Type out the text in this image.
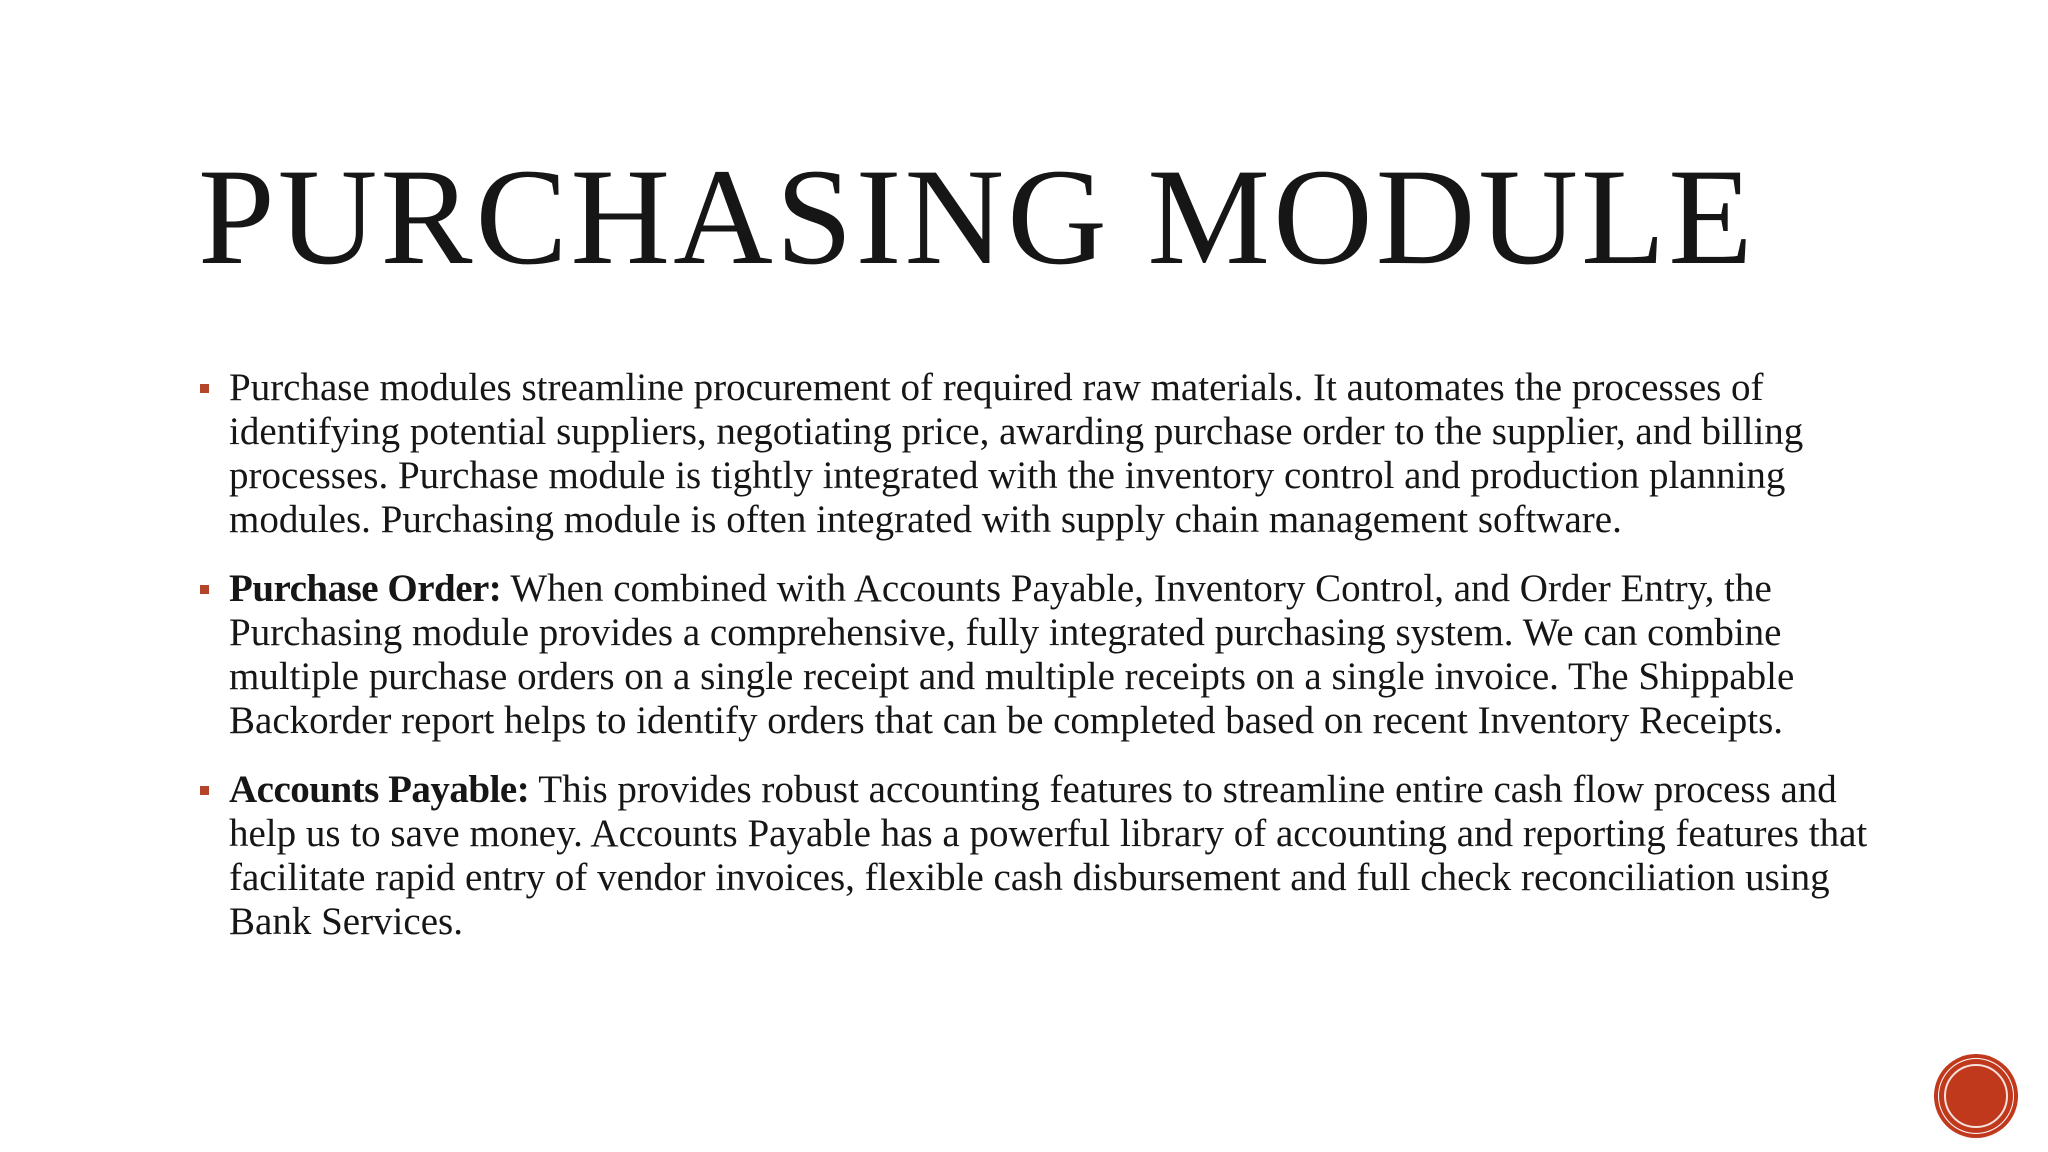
PURCHASING MODULE
Purchase modules streamline procurement of required raw materials. It automates the processes of identifying potential suppliers, negotiating price, awarding purchase order to the supplier, and billing processes. Purchase module is tightly integrated with the inventory control and production planning modules. Purchasing module is often integrated with supply chain management software.
Purchase Order: When combined with Accounts Payable, Inventory Control, and Order Entry, the Purchasing module provides a comprehensive, fully integrated purchasing system. We can combine multiple purchase orders on a single receipt and multiple receipts on a single invoice. The Shippable Backorder report helps to identify orders that can be completed based on recent Inventory Receipts.
Accounts Payable: This provides robust accounting features to streamline entire cash flow process and help us to save money. Accounts Payable has a powerful library of accounting and reporting features that facilitate rapid entry of vendor invoices, flexible cash disbursement and full check reconciliation using Bank Services.
